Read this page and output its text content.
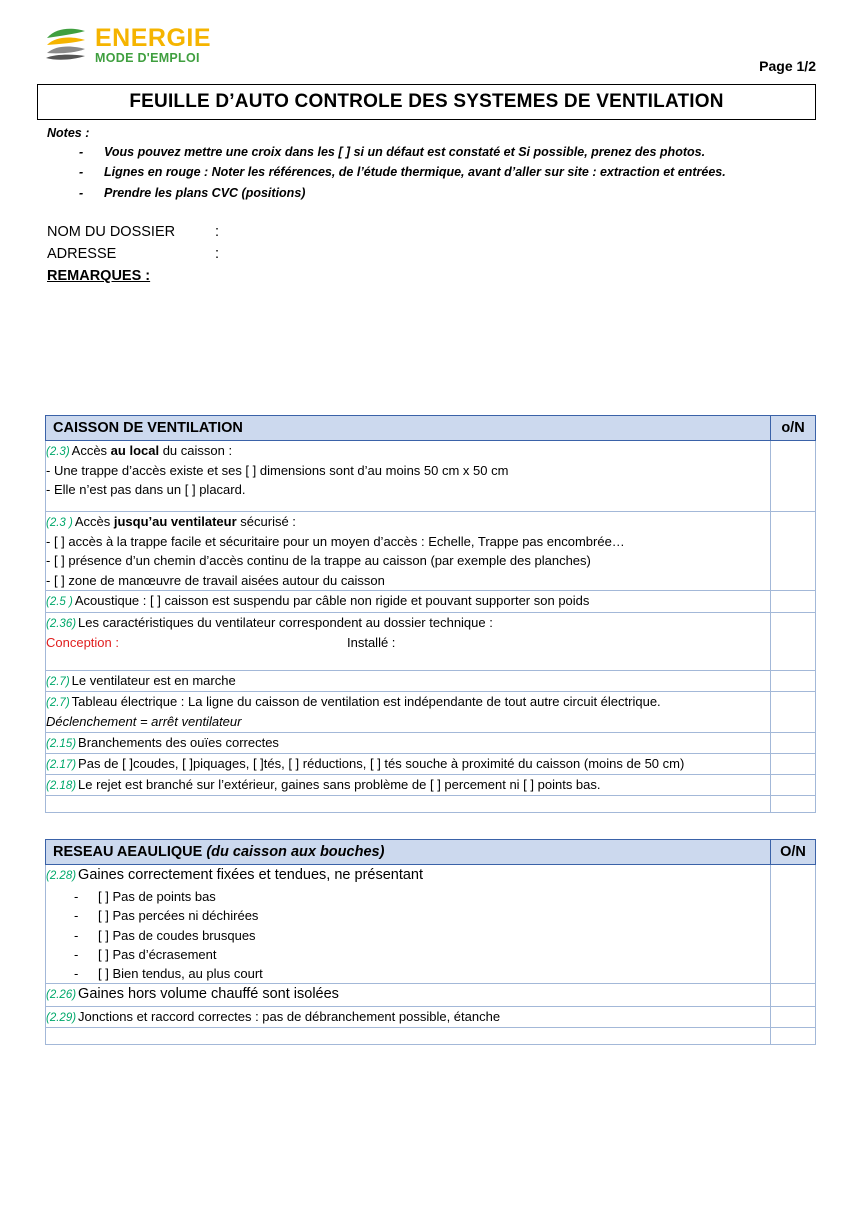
ENERGIE
MODE D'EMPLOI	Page 1/2
FEUILLE D’AUTO CONTROLE DES SYSTEMES DE VENTILATION
Notes :
- Vous pouvez mettre une croix dans les [ ] si un défaut est constaté et Si possible, prenez des photos.
- Lignes en rouge : Noter les références, de l’étude thermique, avant d’aller sur site : extraction et entrées.
- Prendre les plans CVC (positions)
NOM DU DOSSIER	:
ADRESSE	:
REMARQUES :
CAISSON DE VENTILATION	o/N
(2.3) Accès au local du caisson :
- Une trappe d’accès existe et ses [ ] dimensions sont d’au moins 50 cm x 50 cm
- Elle n’est pas dans un [ ] placard.	

(2.3 ) Accès jusqu’au ventilateur sécurisé :
- [ ] accès à la trappe facile et sécuritaire pour un moyen d’accès : Echelle, Trappe pas encombrée…
- [ ] présence d’un chemin d’accès continu de la trappe au caisson (par exemple des planches)
- [ ] zone de manœuvre de travail aisées autour du caisson	

(2.5 ) Acoustique : [ ] caisson est suspendu par câble non rigide et pouvant supporter son poids	
(2.36) Les caractéristiques du ventilateur correspondent au dossier technique :
Conception : Installé :	

(2.7) Le ventilateur est en marche	
(2.7) Tableau électrique : La ligne du caisson de ventilation est indépendante de tout autre circuit électrique.
Déclenchement = arrêt ventilateur	

(2.15) Branchements des ouïes correctes	
(2.17) Pas de [ ]coudes, [ ]piquages, [ ]tés, [ ] réductions, [ ] tés souche à proximité du caisson (moins de 50 cm)	
(2.18) Le rejet est branché sur l’extérieur, gaines sans problème de [ ] percement ni [ ] points bas.	

RESEAU AEAULIQUE (du caisson aux bouches)	O/N
(2.28) Gaines correctement fixées et tendues, ne présentant
- [ ] Pas de points bas
- [ ] Pas percées ni déchirées
- [ ] Pas de coudes brusques
- [ ] Pas d’écrasement
- [ ] Bien tendus, au plus court

(2.26) Gaines hors volume chauffé sont isolées	
(2.29) Jonctions et raccord correctes : pas de débranchement possible, étanche	
